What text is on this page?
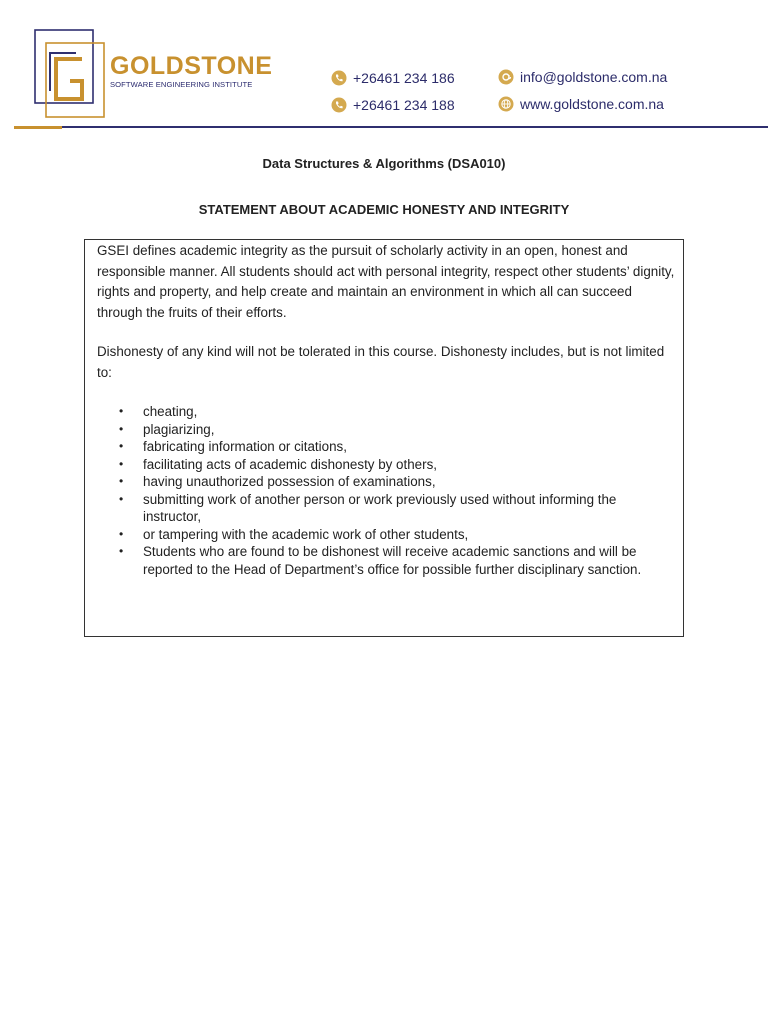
GOLDSTONE
SOFTWARE ENGINEERING INSTITUTE	+26461 234 186
+26461 234 188
info@goldstone.com.na
www.goldstone.com.na
Data Structures & Algorithms (DSA010)
STATEMENT ABOUT ACADEMIC HONESTY AND INTEGRITY

GSEI defines academic integrity as the pursuit of scholarly activity in an open, honest and responsible manner. All students should act with personal integrity, respect other students’ dignity, rights and property, and help create and maintain an environment in which all can succeed through the fruits of their efforts.

Dishonesty of any kind will not be tolerated in this course. Dishonesty includes, but is not limited to:

• cheating,
• plagiarizing,
• fabricating information or citations,
• facilitating acts of academic dishonesty by others,
• having unauthorized possession of examinations,
• submitting work of another person or work previously used without informing the instructor,
• or tampering with the academic work of other students,
• Students who are found to be dishonest will receive academic sanctions and will be reported to the Head of Department’s office for possible further disciplinary sanction.
